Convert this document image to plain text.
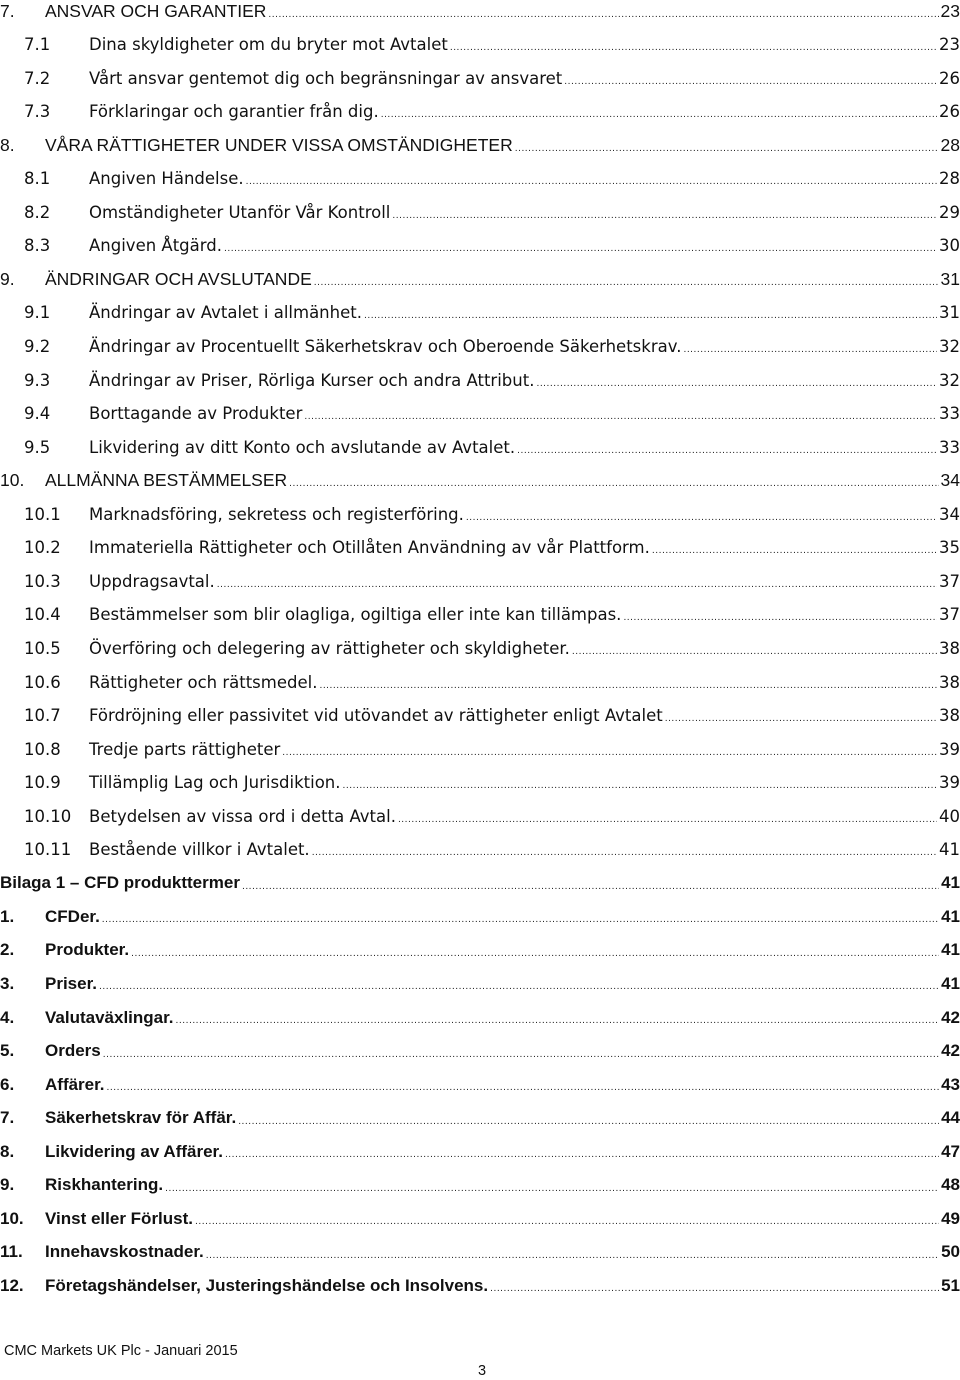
7.	ANSVAR OCH GARANTIER .....	23
7.1	Dina skyldigheter om du bryter mot Avtalet .....	23
7.2	Vårt ansvar gentemot dig och begränsningar av ansvaret .....	26
7.3	Förklaringar och garantier från dig. .....	26
8.	VÅRA RÄTTIGHETER UNDER VISSA OMSTÄNDIGHETER .....	28
8.1	Angiven Händelse. .....	28
8.2	Omständigheter Utanför Vår Kontroll .....	29
8.3	Angiven Åtgärd. .....	30
9.	ÄNDRINGAR OCH AVSLUTANDE .....	31
9.1	Ändringar av Avtalet i allmänhet. .....	31
9.2	Ändringar av Procentuellt Säkerhetskrav och Oberoende Säkerhetskrav. .....	32
9.3	Ändringar av Priser, Rörliga Kurser och andra Attribut. .....	32
9.4	Borttagande av Produkter .....	33
9.5	Likvidering av ditt Konto och avslutande av Avtalet. .....	33
10.	ALLMÄNNA BESTÄMMELSER .....	34
10.1	Marknadsföring, sekretess och registerföring. .....	34
10.2	Immateriella Rättigheter och Otillåten Användning av vår Plattform. .....	35
10.3	Uppdragsavtal. .....	37
10.4	Bestämmelser som blir olagliga, ogiltiga eller inte kan tillämpas. .....	37
10.5	Överföring och delegering av rättigheter och skyldigheter. .....	38
10.6	Rättigheter och rättsmedel. .....	38
10.7	Fördröjning eller passivitet vid utövandet av rättigheter enligt Avtalet .....	38
10.8	Tredje parts rättigheter .....	39
10.9	Tillämplig Lag och Jurisdiktion. .....	39
10.10	Betydelsen av vissa ord i detta Avtal. .....	40
10.11	Bestående villkor i Avtalet. .....	41
Bilaga 1 – CFD produkttermer .....	41
1.	CFDer. .....	41
2.	Produkter. .....	41
3.	Priser. .....	41
4.	Valutaväxlingar. .....	42
5.	Orders .....	42
6.	Affärer. .....	43
7.	Säkerhetskrav för Affär. .....	44
8.	Likvidering av Affärer. .....	47
9.	Riskhantering. .....	48
10.	Vinst eller Förlust. .....	49
11.	Innehavskostnader. .....	50
12.	Företagshändelser, Justeringshändelse och Insolvens. .....	51
CMC Markets UK Plc - Januari 2015
3
